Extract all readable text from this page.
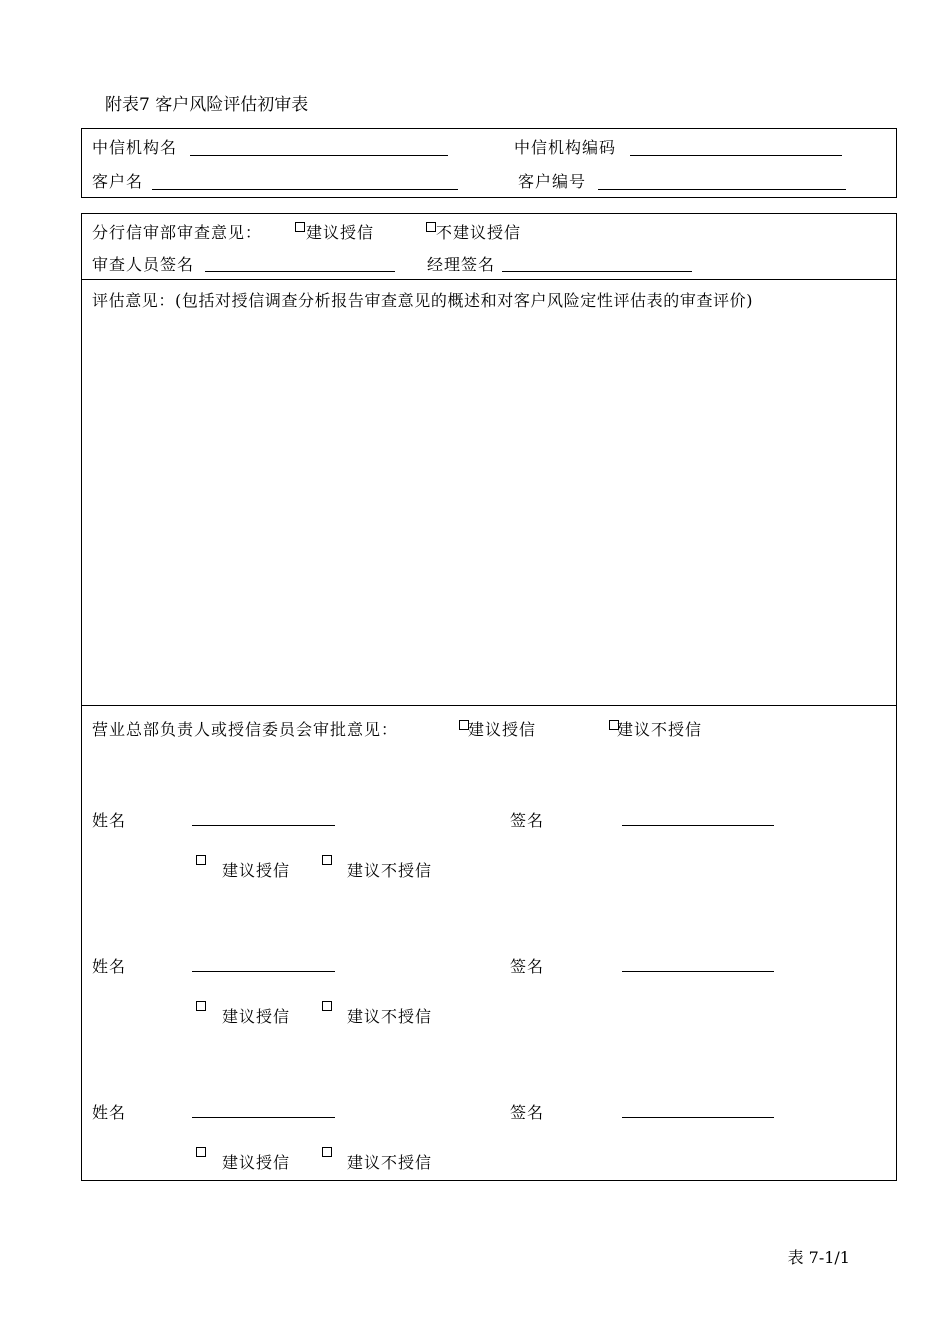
附表7 客户风险评估初审表
中信机构名	中信机构编码
客户名	客户编号
分行信审部审查意见：	建议授信	不建议授信
审查人员签名	经理签名
评估意见：(包括对授信调查分析报告审查意见的概述和对客户风险定性评估表的审查评价)
营业总部负责人或授信委员会审批意见：	建议授信	建议不授信
姓名	签名
建议授信	建议不授信
姓名	签名
建议授信	建议不授信
姓名	签名
建议授信	建议不授信
表 7-1/1
